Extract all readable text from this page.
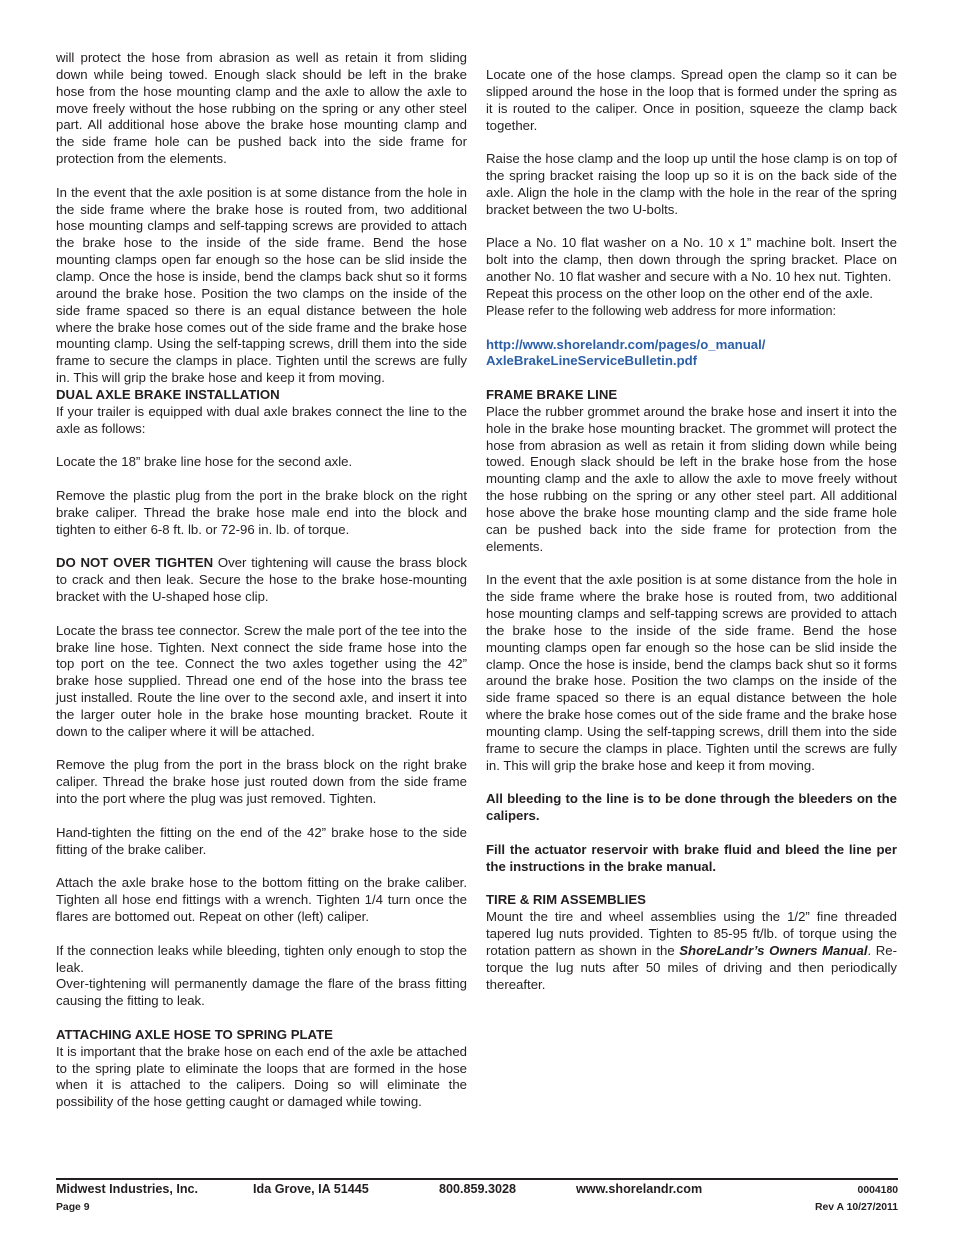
will protect the hose from abrasion as well as retain it from sliding down while being towed. Enough slack should be left in the brake hose from the hose mounting clamp and the axle to allow the axle to move freely without the hose rubbing on the spring or any other steel part. All additional hose above the brake hose mounting clamp and the side frame hole can be pushed back into the side frame for protection from the elements.

In the event that the axle position is at some distance from the hole in the side frame where the brake hose is routed from, two additional hose mounting clamps and self-tapping screws are provided to attach the brake hose to the inside of the side frame. Bend the hose mounting clamps open far enough so the hose can be slid inside the clamp. Once the hose is inside, bend the clamps back shut so it forms around the brake hose. Position the two clamps on the inside of the side frame spaced so there is an equal distance between the hole where the brake hose comes out of the side frame and the brake hose mounting clamp. Using the self-tapping screws, drill them into the side frame to secure the clamps in place. Tighten until the screws are fully in. This will grip the brake hose and keep it from moving.

DUAL AXLE BRAKE INSTALLATION

If your trailer is equipped with dual axle brakes connect the line to the axle as follows:

Locate the 18” brake line hose for the second axle.

Remove the plastic plug from the port in the brake block on the right brake caliper. Thread the brake hose male end into the block and tighten to either 6-8 ft. lb. or 72-96 in. lb. of torque.

DO NOT OVER TIGHTEN Over tightening will cause the brass block to crack and then leak. Secure the hose to the brake hose-mounting bracket with the U-shaped hose clip.

Locate the brass tee connector. Screw the male port of the tee into the brake line hose. Tighten. Next connect the side frame hose into the top port on the tee. Connect the two axles together using the 42” brake hose supplied. Thread one end of the hose into the brass tee just installed. Route the line over to the second axle, and insert it into the larger outer hole in the brake hose mounting bracket. Route it down to the caliper where it will be attached.

Remove the plug from the port in the brass block on the right brake caliper. Thread the brake hose just routed down from the side frame into the port where the plug was just removed. Tighten.

Hand-tighten the fitting on the end of the 42” brake hose to the side fitting of the brake caliber.

Attach the axle brake hose to the bottom fitting on the brake caliber. Tighten all hose end fittings with a wrench. Tighten 1/4 turn once the flares are bottomed out. Repeat on other (left) caliper.

If the connection leaks while bleeding, tighten only enough to stop the leak.

Over-tightening will permanently damage the flare of the brass fitting causing the fitting to leak.

ATTACHING AXLE HOSE TO SPRING PLATE

It is important that the brake hose on each end of the axle be attached to the spring plate to eliminate the loops that are formed in the hose when it is attached to the calipers. Doing so will eliminate the possibility of the hose getting caught or damaged while towing.

Locate one of the hose clamps. Spread open the clamp so it can be slipped around the hose in the loop that is formed under the spring as it is routed to the caliper. Once in position, squeeze the clamp back together.

Raise the hose clamp and the loop up until the hose clamp is on top of the spring bracket raising the loop up so it is on the back side of the axle. Align the hole in the clamp with the hole in the rear of the spring bracket between the two U-bolts.

Place a No. 10 flat washer on a No. 10 x 1” machine bolt. Insert the bolt into the clamp, then down through the spring bracket. Place on another No. 10 flat washer and secure with a No. 10 hex nut. Tighten.

Repeat this process on the other loop on the other end of the axle.

Please refer to the following web address for more information:

http://www.shorelandr.com/pages/o_manual/
AxleBrakeLineServiceBulletin.pdf

FRAME BRAKE LINE

Place the rubber grommet around the brake hose and insert it into the hole in the brake hose mounting bracket. The grommet will protect the hose from abrasion as well as retain it from sliding down while being towed. Enough slack should be left in the brake hose from the hose mounting clamp and the axle to allow the axle to move freely without the hose rubbing on the spring or any other steel part. All additional hose above the brake hose mounting clamp and the side frame hole can be pushed back into the side frame for protection from the elements.

In the event that the axle position is at some distance from the hole in the side frame where the brake hose is routed from, two additional hose mounting clamps and self-tapping screws are provided to attach the brake hose to the inside of the side frame. Bend the hose mounting clamps open far enough so the hose can be slid inside the clamp. Once the hose is inside, bend the clamps back shut so it forms around the brake hose. Position the two clamps on the inside of the side frame spaced so there is an equal distance between the hole where the brake hose comes out of the side frame and the brake hose mounting clamp. Using the self-tapping screws, drill them into the side frame to secure the clamps in place. Tighten until the screws are fully in. This will grip the brake hose and keep it from moving.

All bleeding to the line is to be done through the bleeders on the calipers.

Fill the actuator reservoir with brake fluid and bleed the line per the instructions in the brake manual.

TIRE & RIM ASSEMBLIES

Mount the tire and wheel assemblies using the 1/2” fine threaded tapered lug nuts provided. Tighten to 85-95 ft/lb. of torque using the rotation pattern as shown in the ShoreLandr’s Owners Manual. Re-torque the lug nuts after 50 miles of driving and then periodically thereafter.

Midwest Industries, Inc.	Ida Grove, IA 51445	800.859.3028	www.shorelandr.com	0004180
Page 9	Rev A 10/27/2011
